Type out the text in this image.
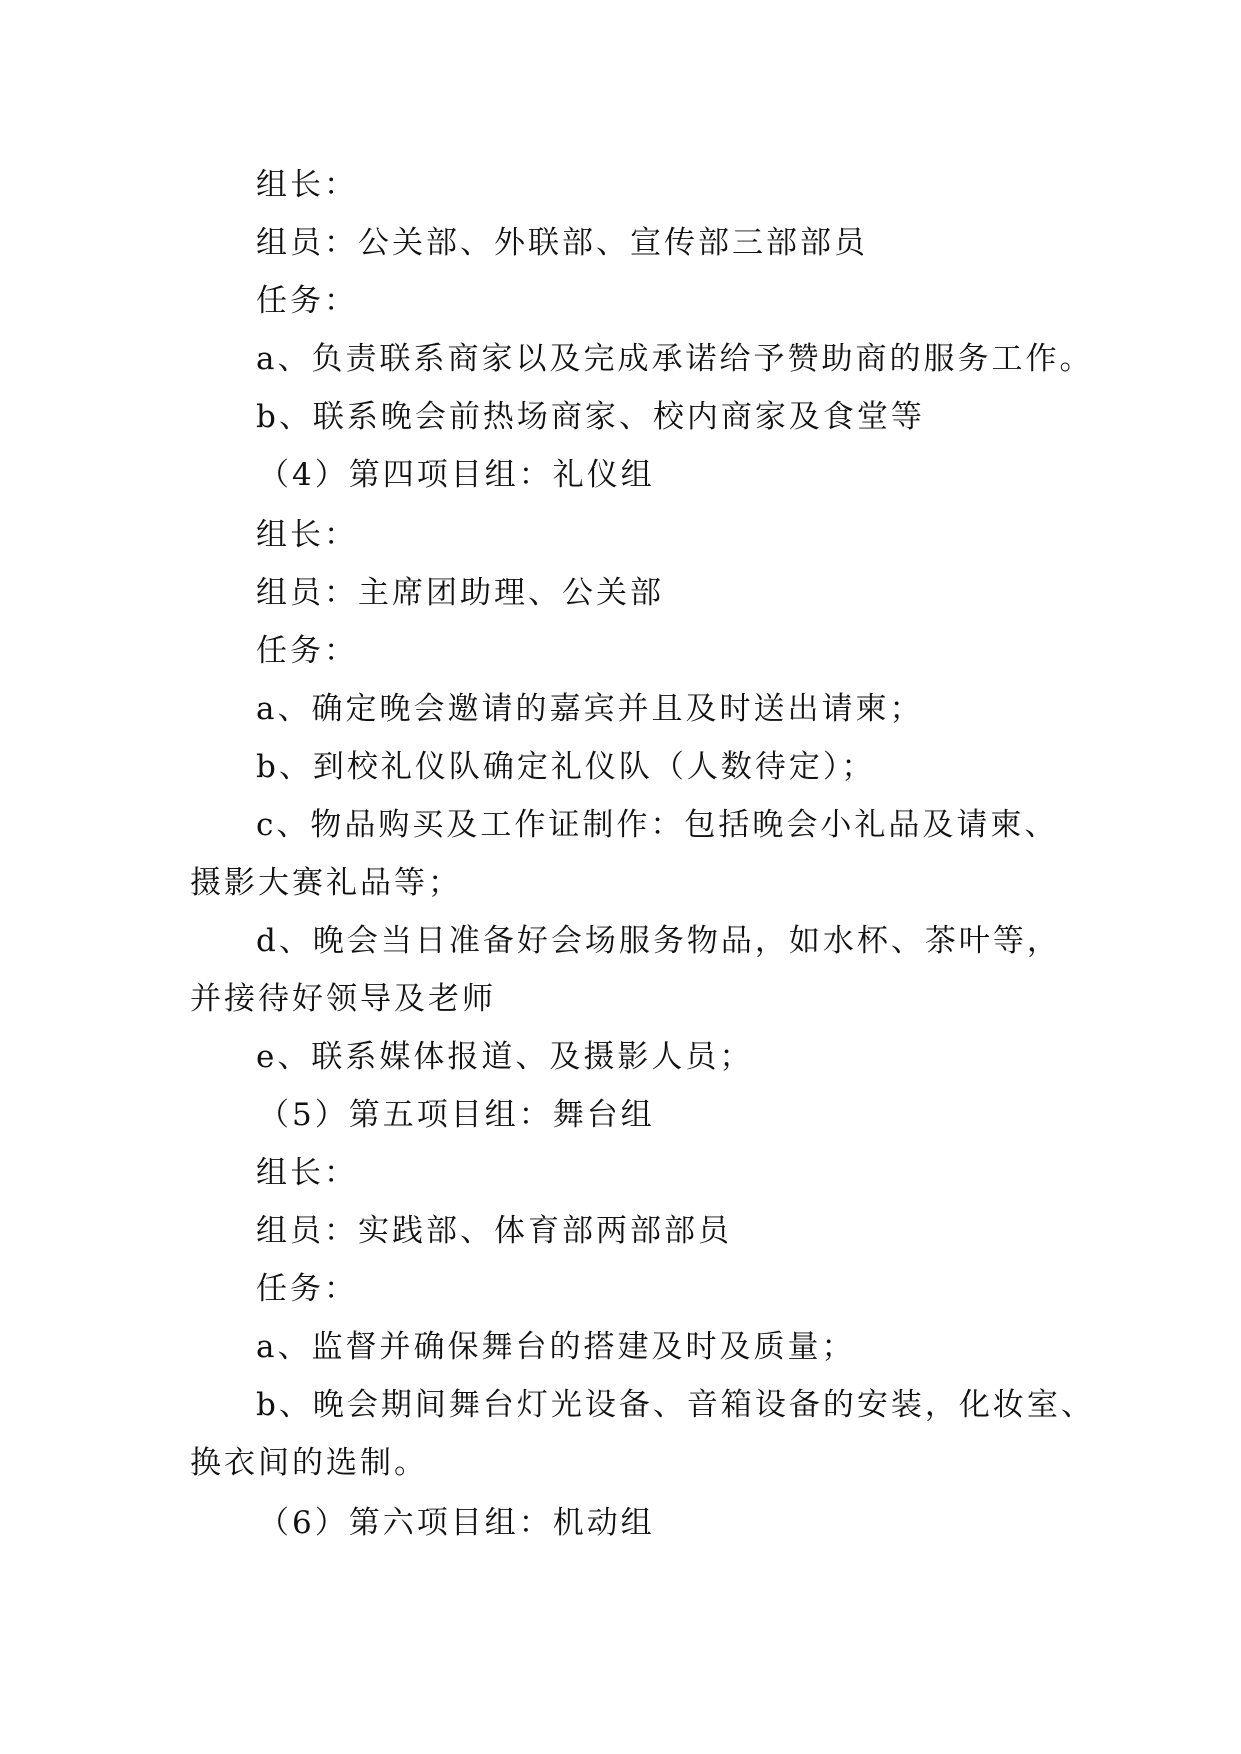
组长：
组员：公关部、外联部、宣传部三部部员
任务：
a、负责联系商家以及完成承诺给予赞助商的服务工作。
b、联系晚会前热场商家、校内商家及食堂等
（4）第四项目组：礼仪组
组长：
组员：主席团助理、公关部
任务：
a、确定晚会邀请的嘉宾并且及时送出请柬；
b、到校礼仪队确定礼仪队（人数待定）；
c、物品购买及工作证制作：包括晚会小礼品及请柬、
摄影大赛礼品等；
d、晚会当日准备好会场服务物品，如水杯、茶叶等，
并接待好领导及老师
e、联系媒体报道、及摄影人员；
（5）第五项目组：舞台组
组长：
组员：实践部、体育部两部部员
任务：
a、监督并确保舞台的搭建及时及质量；
b、晚会期间舞台灯光设备、音箱设备的安装，化妆室、
换衣间的选制。
（6）第六项目组：机动组
